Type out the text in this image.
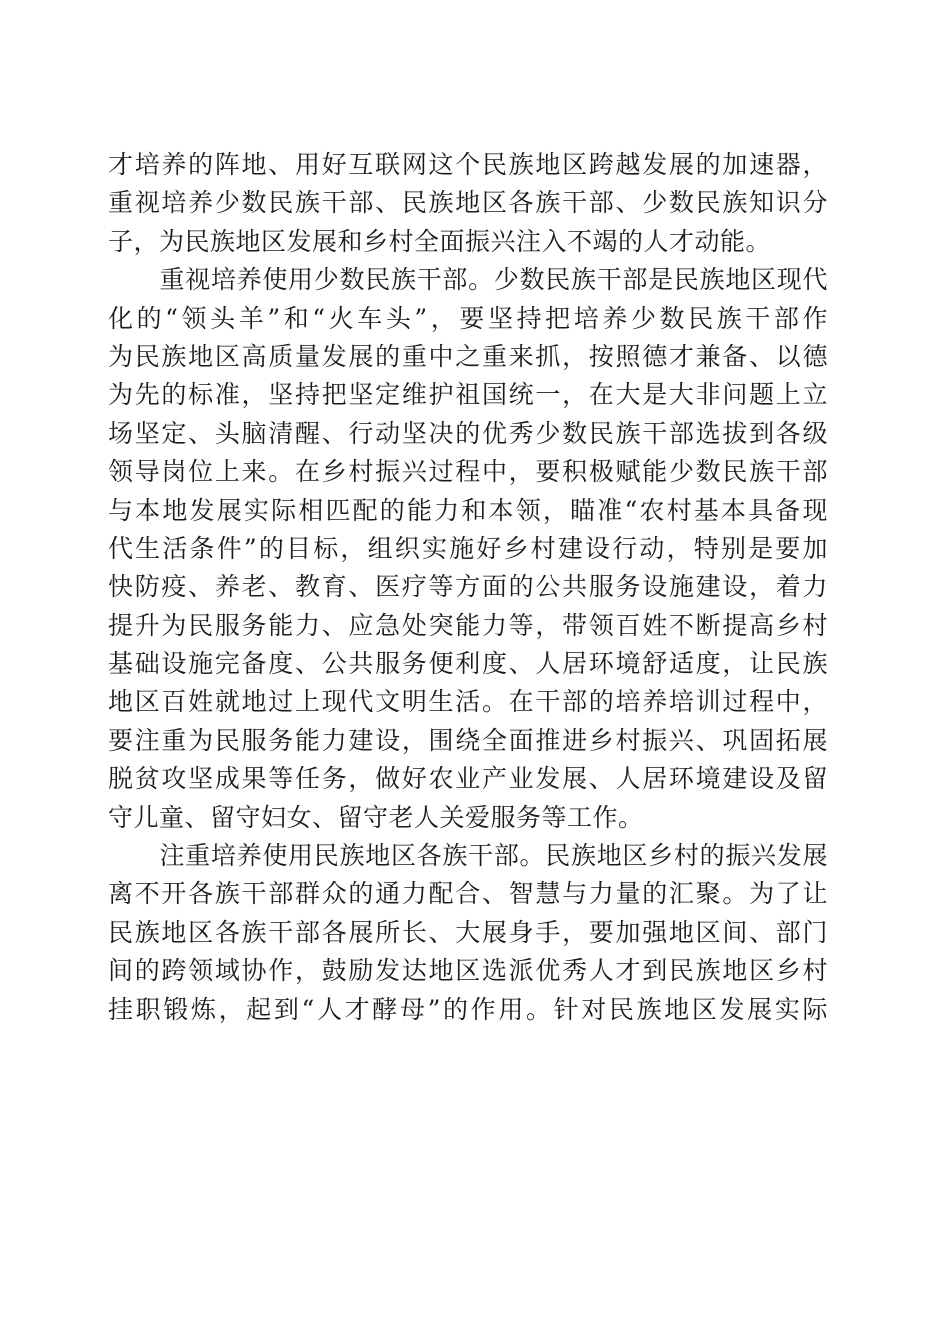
才培养的阵地、用好互联网这个民族地区跨越发展的加速器，
重视培养少数民族干部、民族地区各族干部、少数民族知识分
子，为民族地区发展和乡村全面振兴注入不竭的人才动能。
　　重视培养使用少数民族干部。少数民族干部是民族地区现代
化的“领头羊”和“火车头”，要坚持把培养少数民族干部作
为民族地区高质量发展的重中之重来抓，按照德才兼备、以德
为先的标准，坚持把坚定维护祖国统一，在大是大非问题上立
场坚定、头脑清醒、行动坚决的优秀少数民族干部选拔到各级
领导岗位上来。在乡村振兴过程中，要积极赋能少数民族干部
与本地发展实际相匹配的能力和本领，瞄准“农村基本具备现
代生活条件”的目标，组织实施好乡村建设行动，特别是要加
快防疫、养老、教育、医疗等方面的公共服务设施建设，着力
提升为民服务能力、应急处突能力等，带领百姓不断提高乡村
基础设施完备度、公共服务便利度、人居环境舒适度，让民族
地区百姓就地过上现代文明生活。在干部的培养培训过程中，
要注重为民服务能力建设，围绕全面推进乡村振兴、巩固拓展
脱贫攻坚成果等任务，做好农业产业发展、人居环境建设及留
守儿童、留守妇女、留守老人关爱服务等工作。
　　注重培养使用民族地区各族干部。民族地区乡村的振兴发展
离不开各族干部群众的通力配合、智慧与力量的汇聚。为了让
民族地区各族干部各展所长、大展身手，要加强地区间、部门
间的跨领域协作，鼓励发达地区选派优秀人才到民族地区乡村
挂职锻炼，起到“人才酵母”的作用。针对民族地区发展实际
